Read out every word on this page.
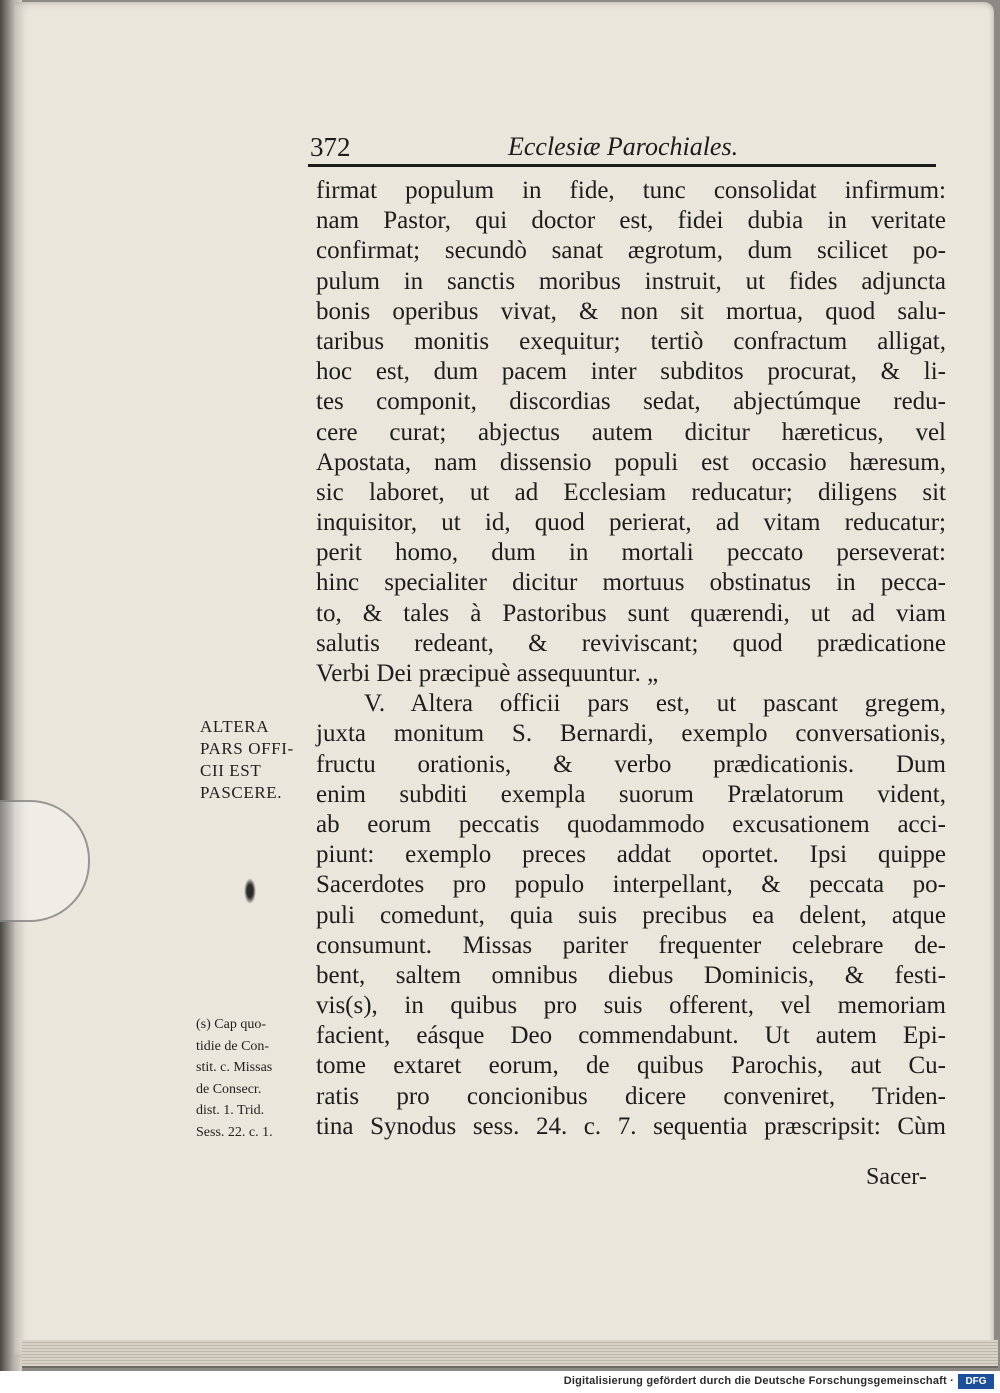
372	Ecclesiæ Parochiales.
firmat populum in fide, tunc consolidat infirmum:
nam Pastor, qui doctor est, fidei dubia in veritate
confirmat; secundò sanat ægrotum, dum scilicet po-
pulum in sanctis moribus instruit, ut fides adjuncta
bonis operibus vivat, & non sit mortua, quod salu-
taribus monitis exequitur; tertiò confractum alligat,
hoc est, dum pacem inter subditos procurat, & li-
tes componit, discordias sedat, abjectúmque redu-
cere curat; abjectus autem dicitur hæreticus, vel
Apostata, nam dissensio populi est occasio hæresum,
sic laboret, ut ad Ecclesiam reducatur; diligens sit
inquisitor, ut id, quod perierat, ad vitam reducatur;
perit homo, dum in mortali peccato perseverat:
hinc specialiter dicitur mortuus obstinatus in pecca-
to, & tales à Pastoribus sunt quærendi, ut ad viam
salutis redeant, & reviviscant; quod prædicatione
Verbi Dei præcipuè assequuntur. „
V. Altera officii pars est, ut pascant gregem,
juxta monitum S. Bernardi, exemplo conversationis,
fructu orationis, & verbo prædicationis. Dum
enim subditi exempla suorum Prælatorum vident,
ab eorum peccatis quodammodo excusationem acci-
piunt: exemplo preces addat oportet. Ipsi quippe
Sacerdotes pro populo interpellant, & peccata po-
puli comedunt, quia suis precibus ea delent, atque
consumunt. Missas pariter frequenter celebrare de-
bent, saltem omnibus diebus Dominicis, & festi-
vis(s), in quibus pro suis offerent, vel memoriam
facient, eásque Deo commendabunt. Ut autem Epi-
tome extaret eorum, de quibus Parochis, aut Cu-
ratis pro concionibus dicere conveniret, Triden-
tina Synodus sess. 24. c. 7. sequentia præscripsit: Cùm
Sacer-
ALTERA
PARS OFFI-
CII EST
PASCERE.
(s) Cap quo-
tidie de Con-
stit. c. Missas
de Consecr.
dist. 1. Trid.
Sess. 22. c. 1.
Digitalisierung gefördert durch die Deutsche Forschungsgemeinschaft ·	DFG
